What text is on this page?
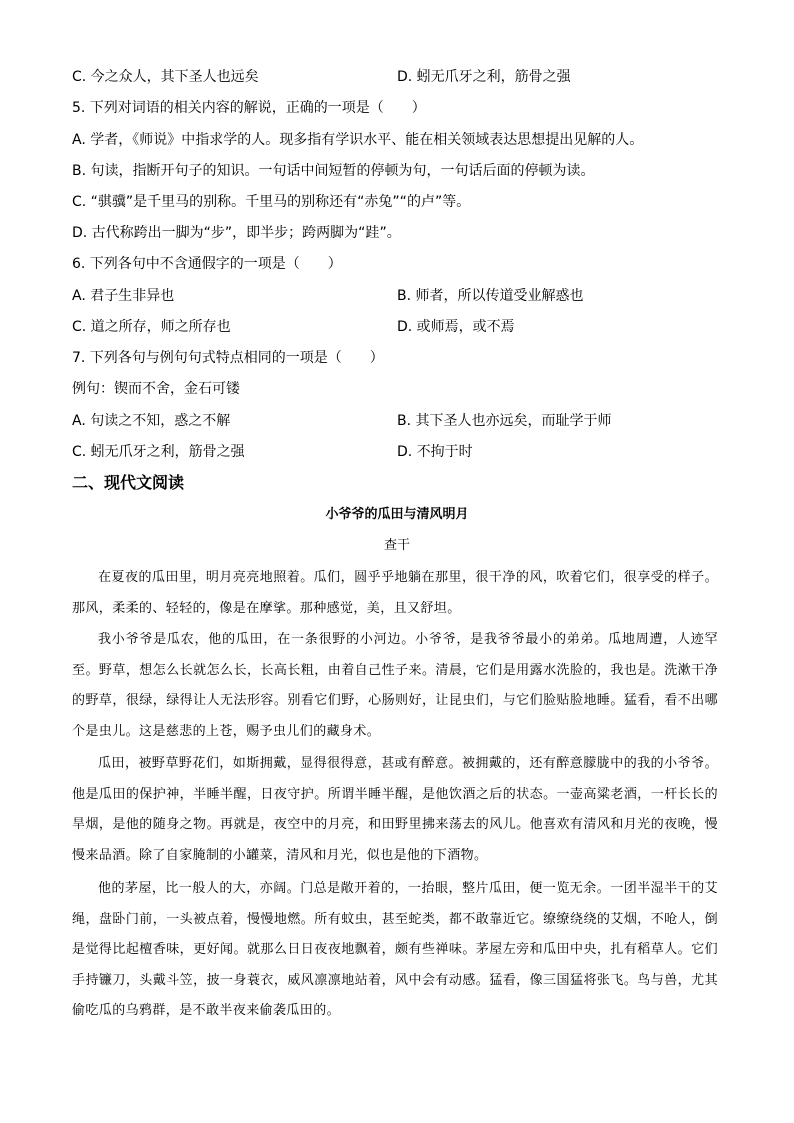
C. 今之众人，其下圣人也远矣	D. 蚓无爪牙之利，筋骨之强
5. 下列对词语的相关内容的解说，正确的一项是（　　）
A. 学者，《师说》中指求学的人。现多指有学识水平、能在相关领域表达思想提出见解的人。
B. 句读，指断开句子的知识。一句话中间短暂的停顿为句，一句话后面的停顿为读。
C. “骐骥”是千里马的别称。千里马的别称还有“赤兔”“的卢”等。
D. 古代称跨出一脚为“步”，即半步；跨两脚为“跬”。
6. 下列各句中不含通假字的一项是（　　）
A. 君子生非异也	B. 师者，所以传道受业解惑也
C. 道之所存，师之所存也	D. 或师焉，或不焉
7. 下列各句与例句句式特点相同的一项是（　　）
例句：锲而不舍，金石可镂
A. 句读之不知，惑之不解	B. 其下圣人也亦远矣，而耻学于师
C. 蚓无爪牙之利，筋骨之强	D. 不拘于时
二、现代文阅读
小爷爷的瓜田与清风明月
查干

在夏夜的瓜田里，明月亮亮地照着。瓜们，圆乎乎地躺在那里，很干净的风，吹着它们，很享受的样子。那风，柔柔的、轻轻的，像是在摩挲。那种感觉，美，且又舒坦。

我小爷爷是瓜农，他的瓜田，在一条很野的小河边。小爷爷，是我爷爷最小的弟弟。瓜地周遭，人迹罕至。野草，想怎么长就怎么长，长高长粗，由着自己性子来。清晨，它们是用露水洗脸的，我也是。洗漱干净的野草，很绿，绿得让人无法形容。别看它们野，心肠则好，让昆虫们，与它们脸贴脸地睡。猛看，看不出哪个是虫儿。这是慈悲的上苍，赐予虫儿们的藏身术。

瓜田，被野草野花们，如斯拥戴，显得很得意，甚或有醉意。被拥戴的，还有醉意朦胧中的我的小爷爷。他是瓜田的保护神，半睡半醒，日夜守护。所谓半睡半醒，是他饮酒之后的状态。一壶高粱老酒，一杆长长的旱烟，是他的随身之物。再就是，夜空中的月亮，和田野里拂来荡去的风儿。他喜欢有清风和月光的夜晚，慢慢来品酒。除了自家腌制的小罐菜，清风和月光，似也是他的下酒物。

他的茅屋，比一般人的大，亦阔。门总是敞开着的，一抬眼，整片瓜田，便一览无余。一团半湿半干的艾绳，盘卧门前，一头被点着，慢慢地燃。所有蚊虫，甚至蛇类，都不敢靠近它。缭缭绕绕的艾烟，不呛人，倒是觉得比起檀香味，更好闻。就那么日日夜夜地飘着，颇有些禅味。茅屋左旁和瓜田中央，扎有稻草人。它们手持镰刀，头戴斗笠，披一身蓑衣，威风凛凛地站着，风中会有动感。猛看，像三国猛将张飞。鸟与兽，尤其偷吃瓜的乌鸦群，是不敢半夜来偷袭瓜田的。
